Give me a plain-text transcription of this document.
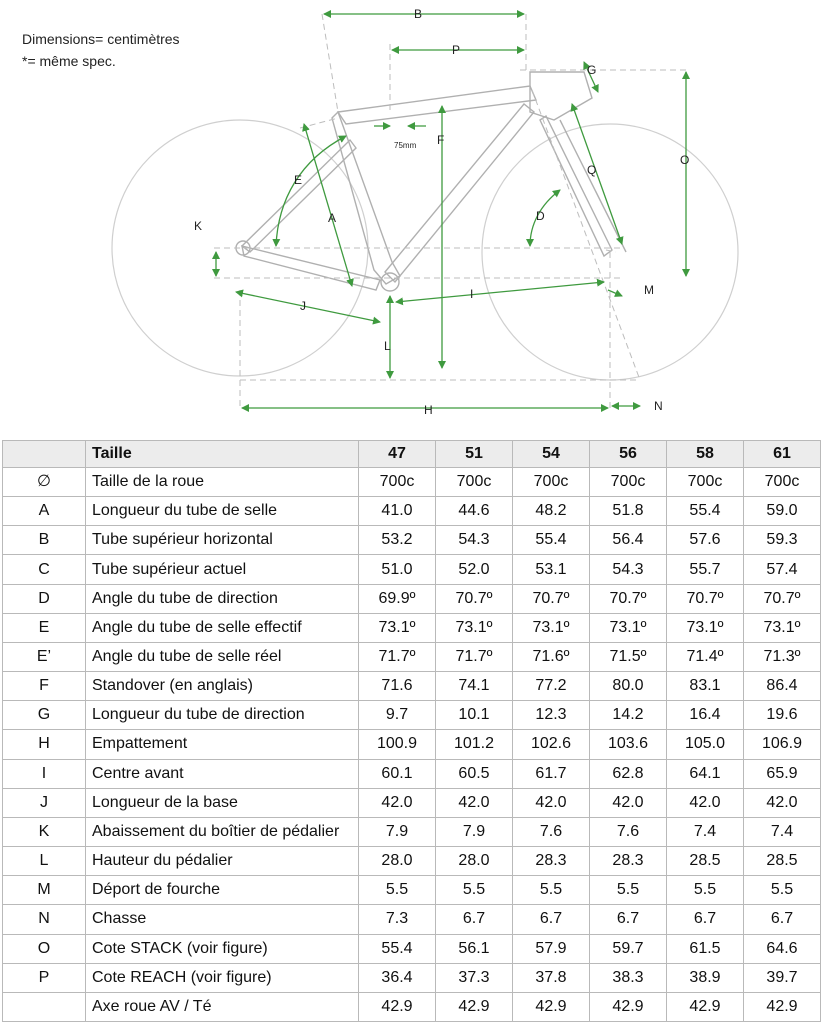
Dimensions= centimètres
*= même spec.
B
P
G
O
Q
D
E
A
F
K
J
I	M
L
H	N
75mm
	Taille	47	51	54	56	58	61
∅	Taille de la roue	700c	700c	700c	700c	700c	700c
A	Longueur du tube de selle	41.0	44.6	48.2	51.8	55.4	59.0
B	Tube supérieur horizontal	53.2	54.3	55.4	56.4	57.6	59.3
C	Tube supérieur actuel	51.0	52.0	53.1	54.3	55.7	57.4
D	Angle du tube de direction	69.9º	70.7º	70.7º	70.7º	70.7º	70.7º
E	Angle du tube de selle effectif	73.1º	73.1º	73.1º	73.1º	73.1º	73.1º
E’	Angle du tube de selle réel	71.7º	71.7º	71.6º	71.5º	71.4º	71.3º
F	Standover (en anglais)	71.6	74.1	77.2	80.0	83.1	86.4
G	Longueur du tube de direction	9.7	10.1	12.3	14.2	16.4	19.6
H	Empattement	100.9	101.2	102.6	103.6	105.0	106.9
I	Centre avant	60.1	60.5	61.7	62.8	64.1	65.9
J	Longueur de la base	42.0	42.0	42.0	42.0	42.0	42.0
K	Abaissement du boîtier de pédalier	7.9	7.9	7.6	7.6	7.4	7.4
L	Hauteur du pédalier	28.0	28.0	28.3	28.3	28.5	28.5
M	Déport de fourche	5.5	5.5	5.5	5.5	5.5	5.5
N	Chasse	7.3	6.7	6.7	6.7	6.7	6.7
O	Cote STACK (voir figure)	55.4	56.1	57.9	59.7	61.5	64.6
P	Cote REACH (voir figure)	36.4	37.3	37.8	38.3	38.9	39.7
	Axe roue AV / Té	42.9	42.9	42.9	42.9	42.9	42.9
